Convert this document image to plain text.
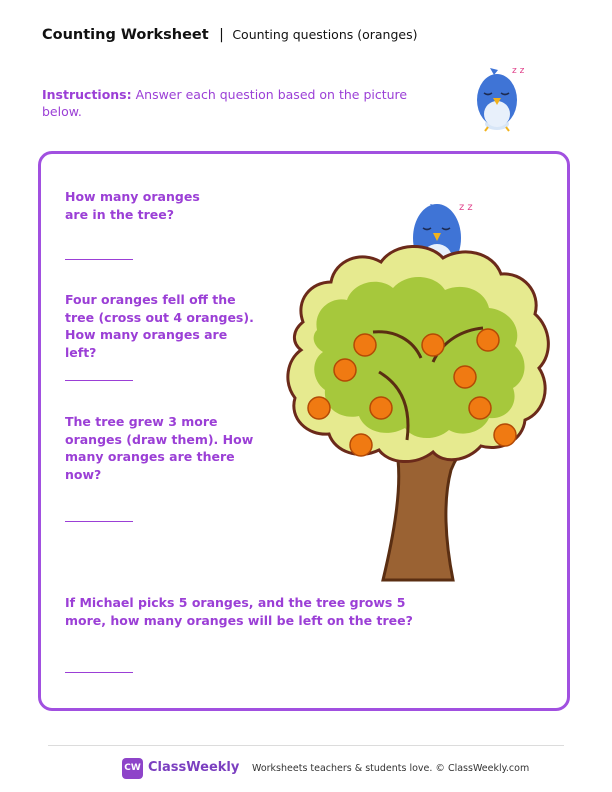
Counting Worksheet | Counting questions (oranges)
Instructions: Answer each question based on the picture below.
z z
How many oranges are in the tree?
Four oranges fell off the tree (cross out 4 oranges). How many oranges are left?
The tree grew 3 more oranges (draw them). How many oranges are there now?
If Michael picks 5 oranges, and the tree grows 5 more, how many oranges will be left on the tree?
z z
CW ClassWeekly Worksheets teachers & students love. © ClassWeekly.com
